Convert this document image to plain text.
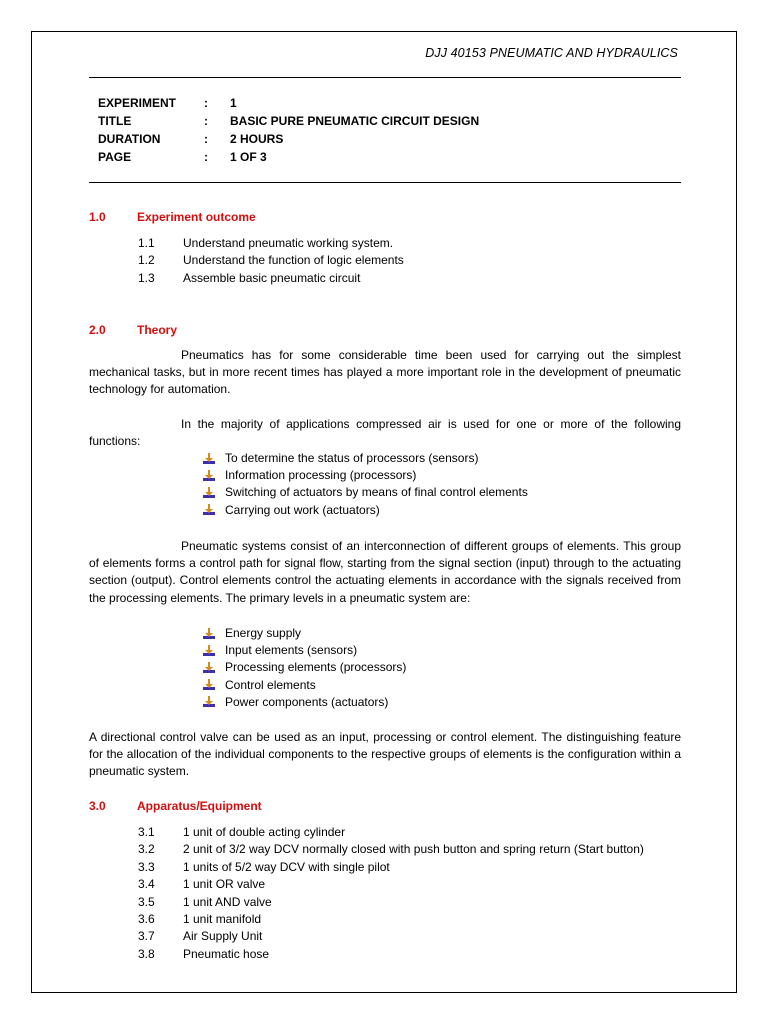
DJJ 40153 PNEUMATIC AND HYDRAULICS
EXPERIMENT	:	1
TITLE	:	BASIC PURE PNEUMATIC CIRCUIT DESIGN
DURATION	:	2 HOURS
PAGE	:	1 OF 3
1.0	Experiment outcome
1.1	Understand pneumatic working system.
1.2	Understand the function of logic elements
1.3	Assemble basic pneumatic circuit
2.0	Theory

Pneumatics has for some considerable time been used for carrying out the simplest mechanical tasks, but in more recent times has played a more important role in the development of pneumatic technology for automation.

In the majority of applications compressed air is used for one or more of the following functions:

To determine the status of processors (sensors)
Information processing (processors)
Switching of actuators by means of final control elements
Carrying out work (actuators)

Pneumatic systems consist of an interconnection of different groups of elements. This group of elements forms a control path for signal flow, starting from the signal section (input) through to the actuating section (output). Control elements control the actuating elements in accordance with the signals received from the processing elements. The primary levels in a pneumatic system are:

Energy supply
Input elements (sensors)
Processing elements (processors)
Control elements
Power components (actuators)

A directional control valve can be used as an input, processing or control element. The distinguishing feature for the allocation of the individual components to the respective groups of elements is the configuration within a pneumatic system.

3.0	Apparatus/Equipment
3.1	1 unit of double acting cylinder
3.2	2 unit of 3/2 way DCV normally closed with push button and spring return (Start button)
3.3	1 units of 5/2 way DCV with single pilot
3.4	1 unit OR valve
3.5	1 unit AND valve
3.6	1 unit manifold
3.7	Air Supply Unit
3.8	Pneumatic hose
